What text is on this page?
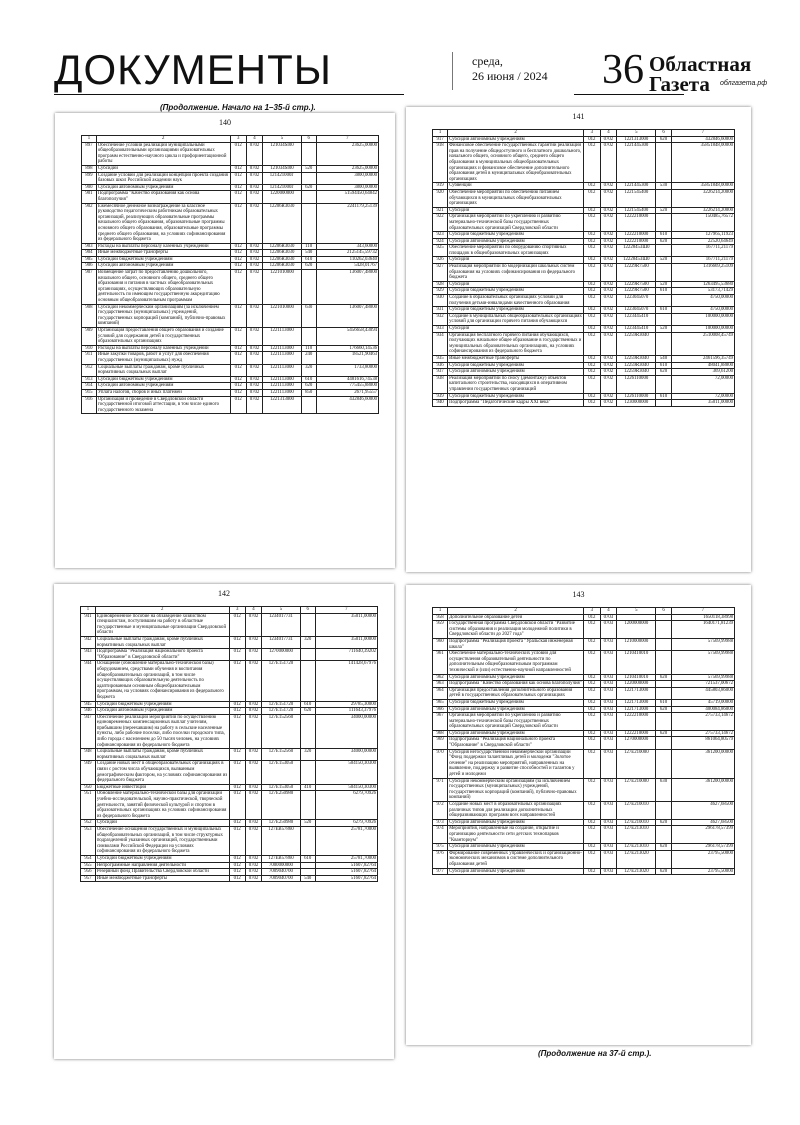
ДОКУМЕНТЫ	среда,
26 июня / 2024 36 Областная
Газета	облгазета.рф
(Продолжение. Начало на 1–35-й стр.).
140
1	2	3	4	5	6	7
897	Обеспечение условий реализации муниципальными общеобразовательными организациями образовательных программ естественно-научного цикла и профориентационной работы	012	0702	121034SI00		23625,00000
898	Субсидии	012	0702	121034SI00	520	23625,00000
899	Создание условий для реализации концепции проекта создания базовых школ Российской академии наук	012	0702	121421000Г		3800,00000
900	Субсидии автономным учреждениям	012	0702	121421000Г	620	3800,00000
901	Подпрограмма "Качество образования как основа благополучия"	012	0702	1220000000		51594450,64842
902	Ежемесячное денежное вознаграждение за классное руководство педагогическим работникам образовательных организаций, реализующих образовательные программы начального общего образования, образовательные программы основного общего образования, образовательные программы среднего общего образования, на условиях софинансирования из федерального бюджета	012	0702	12206R3030		2241179,25139
903	Расходы на выплаты персоналу казенных учреждений	012	0702	12206R3030	110	343,60000
904	Иные межбюджетные трансферты	012	0702	12206R3030	540	2125145,59732
905	Субсидии бюджетным учреждениям	012	0702	12206R3030	610	110262,03640
906	Субсидии автономным учреждениям	012	0702	12206R3030	620	5428,01767
907	Возмещение затрат по предоставлению дошкольного, начального общего, основного общего, среднего общего образования и питания в частных общеобразовательных организациях, осуществляющих образовательную деятельность по имеющим государственную аккредитацию основным общеобразовательным программам	012	0702	1221010000		136007,48000
908	Субсидии некоммерческим организациям (за исключением государственных (муниципальных) учреждений, государственных корпораций (компаний), публично-правовых компаний)	012	0702	1221010000	630	136007,48000
909	Организация предоставления общего образования и создание условий для содержания детей в государственных образовательных организациях	012	0702	1221113000		5456658,43094
910	Расходы на выплаты персоналу казенных учреждений	012	0702	1221113000	110	176660,14536
911	Иные закупки товаров, работ и услуг для обеспечения государственных (муниципальных) нужд	012	0702	1221113000	240	18521,90463
912	Социальные выплаты гражданам, кроме публичных нормативных социальных выплат	012	0702	1221113000	320	1733,80000
913	Субсидии бюджетным учреждениям	012	0702	1221113000	610	4481616,74538
914	Субсидии автономным учреждениям	012	0702	1221113000	620	775455,88000
915	Уплата налогов, сборов и иных платежей	012	0702	1221113000	850	2671,95557
916	Организация и проведение в Свердловской области государственной итоговой аттестации, в том числе единого государственного экзамена	012	0702	1221313000		432846,60000
141
1	2	3	4	5	6	7
917	Субсидии автономным учреждениям	012	0702	1221313000	620	432846,60000
918	Финансовое обеспечение государственных гарантий реализации прав на получение общедоступного и бесплатного дошкольного, начального общего, основного общего, среднего общего образования в муниципальных общеобразовательных организациях и финансовое обеспечение дополнительного образования детей в муниципальных общеобразовательных организациях	012	0702	1221445300		35851848,00000
919	Субвенции	012	0702	1221445300	530	35851848,00000
920	Обеспечение мероприятий по обеспечению питанием обучающихся в муниципальных общеобразовательных организациях	012	0702	1221545400		3226214,20000
921	Субсидии	012	0702	1221545400	520	3226214,20000
922	Организация мероприятий по укреплению и развитию материально-технической базы государственных образовательных организаций Свердловской области	012	0702	1222210000		150485,76572
923	Субсидии бюджетным учреждениям	012	0702	1222210000	610	127965,11923
924	Субсидии автономным учреждениям	012	0702	1222210000	620	22520,64649
925	Обеспечение мероприятий по оборудованию спортивных площадок в общеобразовательных организациях	012	0702	12228453Ш0		167711,21179
926	Субсидии	012	0702	12228453Ш0	520	167711,21179
927	Реализация мероприятий по модернизации школьных систем образования на условиях софинансирования из федерального бюджета	012	0702	12229R7500		1316669,25109
928	Субсидии	012	0702	12229R7500	520	1263495,53680
929	Субсидии бюджетным учреждениям	012	0702	12229R7500	610	53173,71429
930	Создание в образовательных организациях условий для получения детьми-инвалидами качественного образования	012	0702	1223045070		4750,00000
931	Субсидии бюджетным учреждениям	012	0702	1223045070	610	4750,00000
932	Создание в муниципальных общеобразовательных организациях условий для организации горячего питания обучающихся	012	0702	1223445410		100000,00000
933	Субсидии	012	0702	1223445410	520	100000,00000
934	Организация бесплатного горячего питания обучающихся, получающих начальное общее образование в государственных и муниципальных образовательных организациях, на условиях софинансирования из федерального бюджета	012	0702	12259R3040		2510008,45749
935	Иные межбюджетные трансферты	012	0702	12259R3040	540	2461596,35749
936	Субсидии бюджетным учреждениям	012	0702	12259R3040	610	48041,88800
937	Субсидии автономным учреждениям	012	0702	12259R3040	620	369,61200
938	Реализация мероприятий по сносу (демонтажу) объектов капитального строительства, находящихся в оперативном управлении государственных организаций	012	0702	1226110000		72,00000
939	Субсидии бюджетным учреждениям	012	0702	1226110000	610	72,00000
940	Подпрограмма "Педагогические кадры XXI века"	012	0702	1230000000		35011,00000
142
1	2	3	4	5	6	7
941	Единовременное пособие на обзаведение хозяйством специалистам, поступившим на работу в областные государственные и муниципальные организации Свердловской области	012	0702	1234017731		35011,00000
942	Социальные выплаты гражданам, кроме публичных нормативных социальных выплат	012	0702	1234017731	320	35011,00000
943	Подпрограмма "Реализация национального проекта "Образование" в Свердловской области"	012	0702	1270000000		711640,39202
944	Оснащение (обновление материально-технической базы) оборудованием, средствами обучения и воспитания общеобразовательных организаций, в том числе осуществляющих образовательную деятельность по адаптированным основным общеобразовательным программам, на условиях софинансирования из федерального бюджета	012	0702	127E151720		141428,67976
945	Субсидии бюджетным учреждениям	012	0702	127E151720	610	29785,30000
946	Субсидии автономным учреждениям	012	0702	127E151720	620	111643,37976
947	Обеспечение реализации мероприятий по осуществлению единовременных компенсационных выплат учителям, прибывшим (переехавшим) на работу в сельские населенные пункты, либо рабочие поселки, либо поселки городского типа, либо города с населением до 50 тысяч человек, на условиях софинансирования из федерального бюджета	012	0702	127E152560		34000,00000
948	Социальные выплаты гражданам, кроме публичных нормативных социальных выплат	012	0702	127E152560	320	34000,00000
949	Создание новых мест в общеобразовательных организациях в связи с ростом числа обучающихся, вызванным демографическим фактором, на условиях софинансирования из федерального бюджета	012	0702	127E153050		504150,30300
950	Бюджетные инвестиции	012	0702	127E153050	410	504150,30300
951	Обновление материально-технической базы для организации учебно-исследовательской, научно-практической, творческой деятельности, занятий физической культурой и спортом в образовательных организациях на условиях софинансирования из федерального бюджета	012	0702	127E250980		6279,70926
952	Субсидии	012	0702	127E250980	520	6279,70926
953	Обеспечение оснащения государственных и муниципальных общеобразовательных организаций, в том числе структурных подразделений указанных организаций, государственными символами Российской Федерации на условиях софинансирования из федерального бюджета	012	0702	127EВ57860		25781,70000
954	Субсидии бюджетным учреждениям	012	0702	127EВ57860	610	25781,70000
955	Непрограммные направления деятельности	012	0702	7000000000		51607,82764
956	Резервный фонд Правительства Свердловской области	012	0702	7009040700		51607,82764
957	Иные межбюджетные трансферты	012	0702	7009040700	540	51607,82764
143
1	2	3	4	5	6	7
958	Дополнительное образование детей	012	0703			1650118,38998
959	Государственная программа Свердловской области "Развитие системы образования и реализация молодежной политики в Свердловской области до 2027 года"	012	0703	1200000000		1640171,81239
960	Подпрограмма "Реализация проекта "Уральская инженерная школа"	012	0703	1210000000		57569,99988
961	Обеспечение материально-технических условий для осуществления образовательной деятельности по дополнительным общеобразовательным программам технической и (или) естественно-научной направленностей	012	0703	1210410010		57569,99988
962	Субсидии автономным учреждениям	012	0703	1210410010	620	57569,99988
963	Подпрограмма "Качество образования как основа благополучия"	012	0703	1220000000		721537,00672
964	Организация предоставления дополнительного образования детей в государственных образовательных организациях	012	0703	1221713000		445803,86000
965	Субсидии бюджетным учреждениям	012	0703	1221713000	610	45719,00000
966	Субсидии автономным учреждениям	012	0703	1221713000	620	400084,86000
967	Организация мероприятий по укреплению и развитию материально-технической базы государственных образовательных организаций Свердловской области	012	0703	1222210000		275733,14672
968	Субсидии автономным учреждениям	012	0703	1222210000	620	275733,14672
969	Подпрограмма "Реализация национального проекта "Образование" в Свердловской области"	012	0703	1270000000		861064,80579
970	Субсидия негосударственной некоммерческой организации "Фонд поддержки талантливых детей и молодежи "Золотое сечение" на реализацию мероприятий, направленных на выявление, поддержку и развитие способностей и талантов у детей и молодежи	012	0703	127E210000		361200,00000
971	Субсидии некоммерческим организациям (за исключением государственных (муниципальных) учреждений, государственных корпораций (компаний), публично-правовых компаний)	012	0703	127E210000	630	361200,00000
972	Создание новых мест в образовательных организациях различных типов для реализации дополнительных общеразвивающих программ всех направленностей	012	0703	127E210010		4627,68500
973	Субсидии автономным учреждениям	012	0703	127E210010	620	4627,68500
974	Мероприятия, направленные на создание, открытие и организацию деятельности сети детских технопарков "Кванториум"	012	0703	127E213010		296178,57399
975	Субсидии автономным учреждениям	012	0703	127E213010	620	296178,57399
976	Формирование современных управленческих и организационно-экономических механизмов в системе дополнительного образования детей	012	0703	127E213020		23795,50000
977	Субсидии автономным учреждениям	012	0703	127E213020	620	23795,50000
(Продолжение на 37-й стр.).
